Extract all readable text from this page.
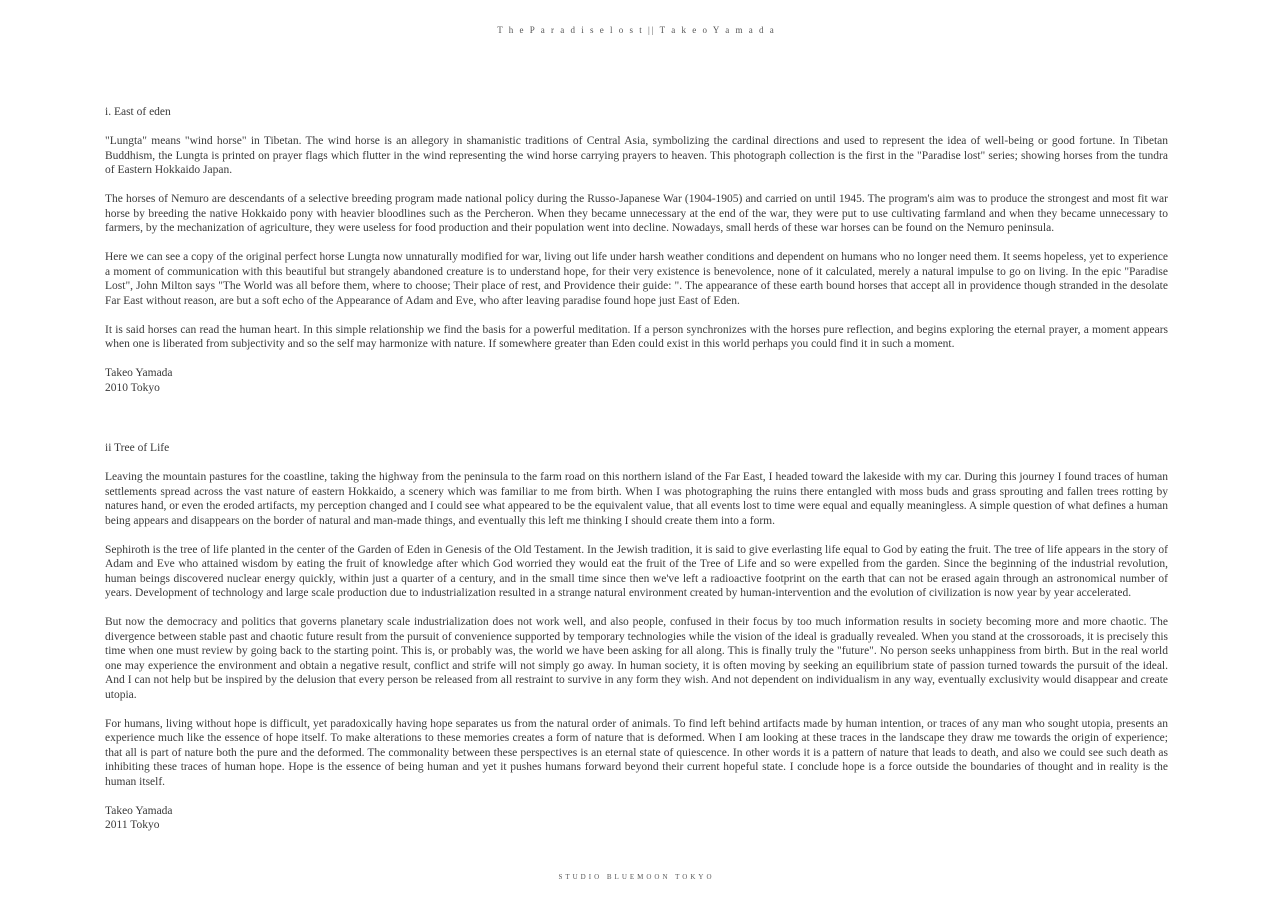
T h e P a r a d i s e l o s t || T a k e o Y a m a d a

i. East of eden

"Lungta" means "wind horse" in Tibetan. The wind horse is an allegory in shamanistic traditions of Central Asia, symbolizing the cardinal directions and used to represent the idea of well-being or good fortune. In Tibetan Buddhism, the Lungta is printed on prayer flags which flutter in the wind representing the wind horse carrying prayers to heaven. This photograph collection is the first in the "Paradise lost" series; showing horses from the tundra of Eastern Hokkaido Japan.

The horses of Nemuro are descendants of a selective breeding program made national policy during the Russo-Japanese War (1904-1905) and carried on until 1945. The program's aim was to produce the strongest and most fit war horse by breeding the native Hokkaido pony with heavier bloodlines such as the Percheron. When they became unnecessary at the end of the war, they were put to use cultivating farmland and when they became unnecessary to farmers, by the mechanization of agriculture, they were useless for food production and their population went into decline. Nowadays, small herds of these war horses can be found on the Nemuro peninsula.

Here we can see a copy of the original perfect horse Lungta now unnaturally modified for war, living out life under harsh weather conditions and dependent on humans who no longer need them. It seems hopeless, yet to experience a moment of communication with this beautiful but strangely abandoned creature is to understand hope, for their very existence is benevolence, none of it calculated, merely a natural impulse to go on living. In the epic "Paradise Lost", John Milton says "The World was all before them, where to choose; Their place of rest, and Providence their guide: ". The appearance of these earth bound horses that accept all in providence though stranded in the desolate Far East without reason, are but a soft echo of the Appearance of Adam and Eve, who after leaving paradise found hope just East of Eden.

It is said horses can read the human heart. In this simple relationship we find the basis for a powerful meditation. If a person synchronizes with the horses pure reflection, and begins exploring the eternal prayer, a moment appears when one is liberated from subjectivity and so the self may harmonize with nature. If somewhere greater than Eden could exist in this world perhaps you could find it in such a moment.

Takeo Yamada

2010 Tokyo

ii Tree of Life

Leaving the mountain pastures for the coastline, taking the highway from the peninsula to the farm road on this northern island of the Far East, I headed toward the lakeside with my car. During this journey I found traces of human settlements spread across the vast nature of eastern Hokkaido, a scenery which was familiar to me from birth. When I was photographing the ruins there entangled with moss buds and grass sprouting and fallen trees rotting by natures hand, or even the eroded artifacts, my perception changed and I could see what appeared to be the equivalent value, that all events lost to time were equal and equally meaningless. A simple question of what defines a human being appears and disappears on the border of natural and man-made things, and eventually this left me thinking I should create them into a form.

Sephiroth is the tree of life planted in the center of the Garden of Eden in Genesis of the Old Testament. In the Jewish tradition, it is said to give everlasting life equal to God by eating the fruit. The tree of life appears in the story of Adam and Eve who attained wisdom by eating the fruit of knowledge after which God worried they would eat the fruit of the Tree of Life and so were expelled from the garden. Since the beginning of the industrial revolution, human beings discovered nuclear energy quickly, within just a quarter of a century, and in the small time since then we've left a radioactive footprint on the earth that can not be erased again through an astronomical number of years. Development of technology and large scale production due to industrialization resulted in a strange natural environment created by human-intervention and the evolution of civilization is now year by year accelerated.

But now the democracy and politics that governs planetary scale industrialization does not work well, and also people, confused in their focus by too much information results in society becoming more and more chaotic. The divergence between stable past and chaotic future result from the pursuit of convenience supported by temporary technologies while the vision of the ideal is gradually revealed. When you stand at the crossoroads, it is precisely this time when one must review by going back to the starting point. This is, or probably was, the world we have been asking for all along. This is finally truly the "future". No person seeks unhappiness from birth. But in the real world one may experience the environment and obtain a negative result, conflict and strife will not simply go away. In human society, it is often moving by seeking an equilibrium state of passion turned towards the pursuit of the ideal. And I can not help but be inspired by the delusion that every person be released from all restraint to survive in any form they wish. And not dependent on individualism in any way, eventually exclusivity would disappear and create utopia.

For humans, living without hope is difficult, yet paradoxically having hope separates us from the natural order of animals. To find left behind artifacts made by human intention, or traces of any man who sought utopia, presents an experience much like the essence of hope itself. To make alterations to these memories creates a form of nature that is deformed. When I am looking at these traces in the landscape they draw me towards the origin of experience; that all is part of nature both the pure and the deformed. The commonality between these perspectives is an eternal state of quiescence. In other words it is a pattern of nature that leads to death, and also we could see such death as inhibiting these traces of human hope. Hope is the essence of being human and yet it pushes humans forward beyond their current hopeful state. I conclude hope is a force outside the boundaries of thought and in reality is the human itself.

Takeo Yamada

2011 Tokyo

STUDIO BLUEMOON TOKYO
